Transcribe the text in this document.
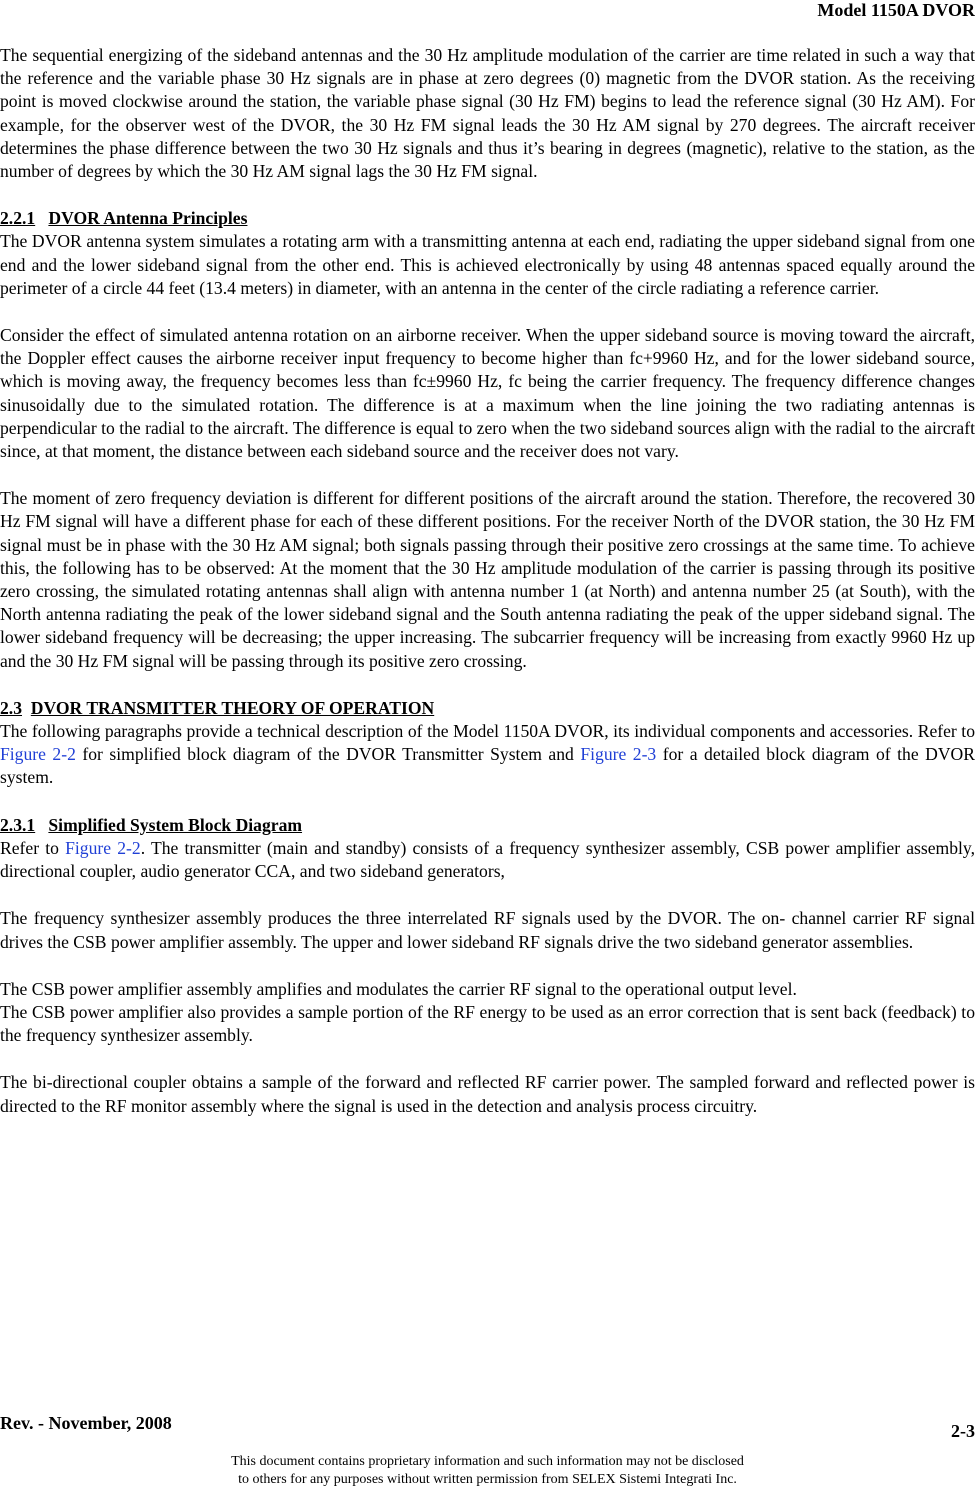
Model 1150A DVOR

The sequential energizing of the sideband antennas and the 30 Hz amplitude modulation of the carrier are time related in such a way that the reference and the variable phase 30 Hz signals are in phase at zero degrees (0) magnetic from the DVOR station. As the receiving point is moved clockwise around the station, the variable phase signal (30 Hz FM) begins to lead the reference signal (30 Hz AM). For example, for the observer west of the DVOR, the 30 Hz FM signal leads the 30 Hz AM signal by 270 degrees. The aircraft receiver determines the phase difference between the two 30 Hz signals and thus it’s bearing in degrees (magnetic), relative to the station, as the number of degrees by which the 30 Hz AM signal lags the 30 Hz FM signal.

2.2.1 DVOR Antenna Principles

The DVOR antenna system simulates a rotating arm with a transmitting antenna at each end, radiating the upper sideband signal from one end and the lower sideband signal from the other end. This is achieved electronically by using 48 antennas spaced equally around the perimeter of a circle 44 feet (13.4 meters) in diameter, with an antenna in the center of the circle radiating a reference carrier.

Consider the effect of simulated antenna rotation on an airborne receiver. When the upper sideband source is moving toward the aircraft, the Doppler effect causes the airborne receiver input frequency to become higher than fc+9960 Hz, and for the lower sideband source, which is moving away, the frequency becomes less than fc±9960 Hz, fc being the carrier frequency. The frequency difference changes sinusoidally due to the simulated rotation. The difference is at a maximum when the line joining the two radiating antennas is perpendicular to the radial to the aircraft. The difference is equal to zero when the two sideband sources align with the radial to the aircraft since, at that moment, the distance between each sideband source and the receiver does not vary.

The moment of zero frequency deviation is different for different positions of the aircraft around the station. Therefore, the recovered 30 Hz FM signal will have a different phase for each of these different positions. For the receiver North of the DVOR station, the 30 Hz FM signal must be in phase with the 30 Hz AM signal; both signals passing through their positive zero crossings at the same time. To achieve this, the following has to be observed: At the moment that the 30 Hz amplitude modulation of the carrier is passing through its positive zero crossing, the simulated rotating antennas shall align with antenna number 1 (at North) and antenna number 25 (at South), with the North antenna radiating the peak of the lower sideband signal and the South antenna radiating the peak of the upper sideband signal. The lower sideband frequency will be decreasing; the upper increasing. The subcarrier frequency will be increasing from exactly 9960 Hz up and the 30 Hz FM signal will be passing through its positive zero crossing.

2.3 DVOR TRANSMITTER THEORY OF OPERATION

The following paragraphs provide a technical description of the Model 1150A DVOR, its individual components and accessories. Refer to Figure 2-2 for simplified block diagram of the DVOR Transmitter System and Figure 2-3 for a detailed block diagram of the DVOR system.

2.3.1 Simplified System Block Diagram

Refer to Figure 2-2. The transmitter (main and standby) consists of a frequency synthesizer assembly, CSB power amplifier assembly, directional coupler, audio generator CCA, and two sideband generators,

The frequency synthesizer assembly produces the three interrelated RF signals used by the DVOR. The on- channel carrier RF signal drives the CSB power amplifier assembly. The upper and lower sideband RF signals drive the two sideband generator assemblies.

The CSB power amplifier assembly amplifies and modulates the carrier RF signal to the operational output level.

The CSB power amplifier also provides a sample portion of the RF energy to be used as an error correction that is sent back (feedback) to the frequency synthesizer assembly.

The bi-directional coupler obtains a sample of the forward and reflected RF carrier power. The sampled forward and reflected power is directed to the RF monitor assembly where the signal is used in the detection and analysis process circuitry.

Rev. - November, 2008	2-3
This document contains proprietary information and such information may not be disclosed
to others for any purposes without written permission from SELEX Sistemi Integrati Inc.
